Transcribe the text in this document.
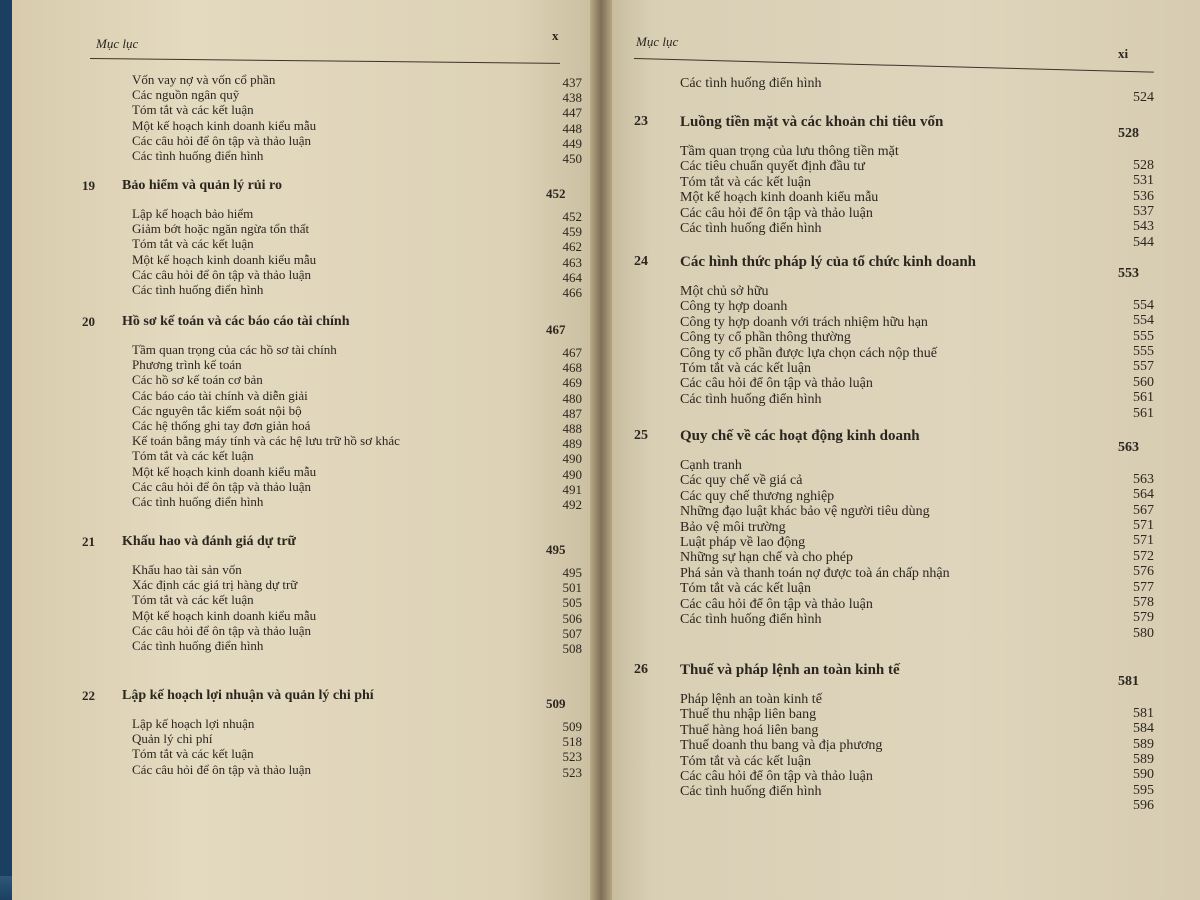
Mục lục
x
Vốn vay nợ và vốn cổ phần
Các nguồn ngân quỹ
Tóm tắt và các kết luận
Một kế hoạch kinh doanh kiểu mẫu
Các câu hỏi để ôn tập và thảo luận
Các tình huống điển hình
437
438
447
448
449
450
19 Bảo hiểm và quản lý rủi ro
452
Lập kế hoạch bảo hiểm
Giảm bớt hoặc ngăn ngừa tổn thất
Tóm tắt và các kết luận
Một kế hoạch kinh doanh kiểu mẫu
Các câu hỏi để ôn tập và thảo luận
Các tình huống điển hình
452
459
462
463
464
466
20 Hồ sơ kế toán và các báo cáo tài chính
467
Tầm quan trọng của các hồ sơ tài chính
Phương trình kế toán
Các hồ sơ kế toán cơ bản
Các báo cáo tài chính và diễn giải
Các nguyên tắc kiểm soát nội bộ
Các hệ thống ghi tay đơn giản hoá
Kế toán bằng máy tính và các hệ lưu trữ hồ sơ khác
Tóm tắt và các kết luận
Một kế hoạch kinh doanh kiểu mẫu
Các câu hỏi để ôn tập và thảo luận
Các tình huống điển hình
467
468
469
480
487
488
489
490
490
491
492
21 Khấu hao và đánh giá dự trữ
495
Khấu hao tài sản vốn
Xác định các giá trị hàng dự trữ
Tóm tắt và các kết luận
Một kế hoạch kinh doanh kiểu mẫu
Các câu hỏi để ôn tập và thảo luận
Các tình huống điển hình
495
501
505
506
507
508
22 Lập kế hoạch lợi nhuận và quản lý chi phí
509
Lập kế hoạch lợi nhuận
Quản lý chi phí
Tóm tắt và các kết luận
Các câu hỏi để ôn tập và thảo luận
509
518
523
523
Mục lục
xi
Các tình huống điển hình
524
23 Luồng tiền mặt và các khoản chi tiêu vốn
528
Tầm quan trọng của lưu thông tiền mặt
Các tiêu chuẩn quyết định đầu tư
Tóm tắt và các kết luận
Một kế hoạch kinh doanh kiểu mẫu
Các câu hỏi để ôn tập và thảo luận
Các tình huống điển hình
528
531
536
537
543
544
24 Các hình thức pháp lý của tổ chức kinh doanh
553
Một chủ sở hữu
Công ty hợp doanh
Công ty hợp doanh với trách nhiệm hữu hạn
Công ty cổ phần thông thường
Công ty cổ phần được lựa chọn cách nộp thuế
Tóm tắt và các kết luận
Các câu hỏi để ôn tập và thảo luận
Các tình huống điển hình
554
554
555
555
557
560
561
561
25 Quy chế về các hoạt động kinh doanh
563
Cạnh tranh
Các quy chế về giá cả
Các quy chế thương nghiệp
Những đạo luật khác bảo vệ người tiêu dùng
Bảo vệ môi trường
Luật pháp về lao động
Những sự hạn chế và cho phép
Phá sản và thanh toán nợ được toà án chấp nhận
Tóm tắt và các kết luận
Các câu hỏi để ôn tập và thảo luận
Các tình huống điển hình
563
564
567
571
571
572
576
577
578
579
580
26 Thuế và pháp lệnh an toàn kinh tế
581
Pháp lệnh an toàn kinh tế
Thuế thu nhập liên bang
Thuế hàng hoá liên bang
Thuế doanh thu bang và địa phương
Tóm tắt và các kết luận
Các câu hỏi để ôn tập và thảo luận
Các tình huống điển hình
581
584
589
589
590
595
596
